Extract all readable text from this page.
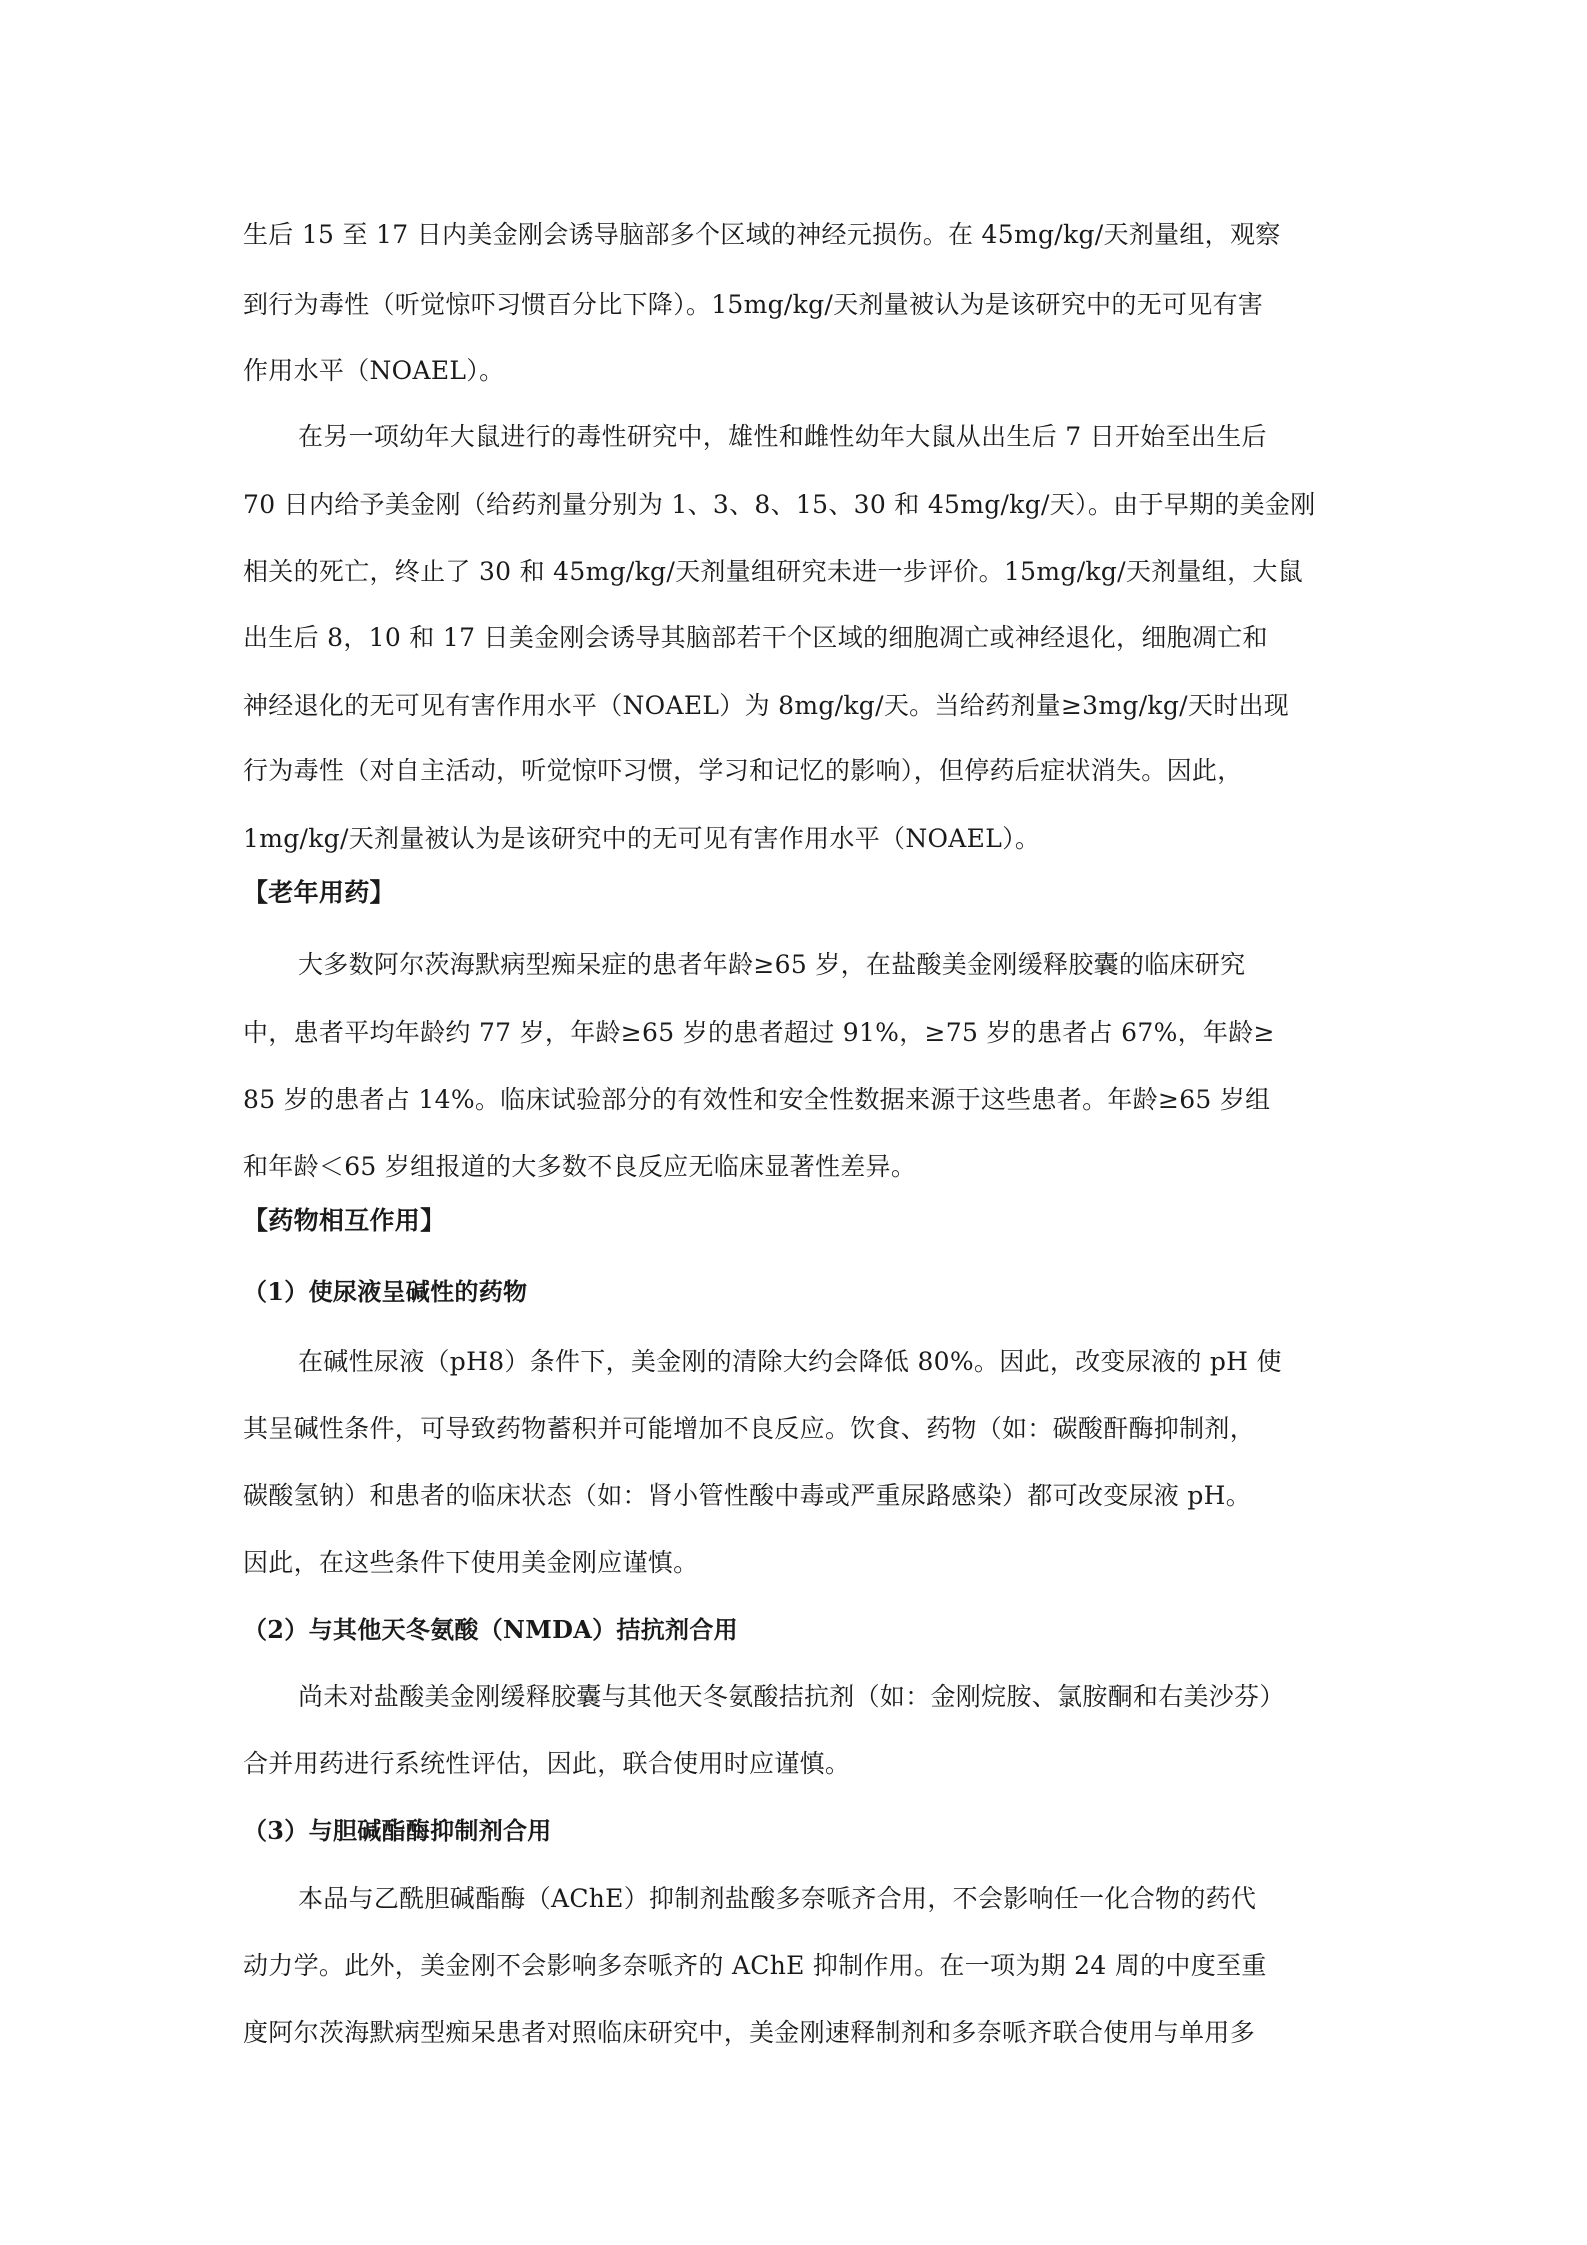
生后 15 至 17 日内美金刚会诱导脑部多个区域的神经元损伤。在 45mg/kg/天剂量组，观察
到行为毒性（听觉惊吓习惯百分比下降）。15mg/kg/天剂量被认为是该研究中的无可见有害
作用水平（NOAEL）。
在另一项幼年大鼠进行的毒性研究中，雄性和雌性幼年大鼠从出生后 7 日开始至出生后
70 日内给予美金刚（给药剂量分别为 1、3、8、15、30 和 45mg/kg/天）。由于早期的美金刚
相关的死亡，终止了 30 和 45mg/kg/天剂量组研究未进一步评价。15mg/kg/天剂量组，大鼠
出生后 8，10 和 17 日美金刚会诱导其脑部若干个区域的细胞凋亡或神经退化，细胞凋亡和
神经退化的无可见有害作用水平（NOAEL）为 8mg/kg/天。当给药剂量≥3mg/kg/天时出现
行为毒性（对自主活动，听觉惊吓习惯，学习和记忆的影响），但停药后症状消失。因此，
1mg/kg/天剂量被认为是该研究中的无可见有害作用水平（NOAEL）。
【老年用药】
大多数阿尔茨海默病型痴呆症的患者年龄≥65 岁，在盐酸美金刚缓释胶囊的临床研究
中，患者平均年龄约 77 岁，年龄≥65 岁的患者超过 91%，≥75 岁的患者占 67%，年龄≥
85 岁的患者占 14%。临床试验部分的有效性和安全性数据来源于这些患者。年龄≥65 岁组
和年龄＜65 岁组报道的大多数不良反应无临床显著性差异。
【药物相互作用】
（1）使尿液呈碱性的药物
在碱性尿液（pH8）条件下，美金刚的清除大约会降低 80%。因此，改变尿液的 pH 使
其呈碱性条件，可导致药物蓄积并可能增加不良反应。饮食、药物（如：碳酸酐酶抑制剂，
碳酸氢钠）和患者的临床状态（如：肾小管性酸中毒或严重尿路感染）都可改变尿液 pH。
因此，在这些条件下使用美金刚应谨慎。
（2）与其他天冬氨酸（NMDA）拮抗剂合用
尚未对盐酸美金刚缓释胶囊与其他天冬氨酸拮抗剂（如：金刚烷胺、氯胺酮和右美沙芬）
合并用药进行系统性评估，因此，联合使用时应谨慎。
（3）与胆碱酯酶抑制剂合用
本品与乙酰胆碱酯酶（AChE）抑制剂盐酸多奈哌齐合用，不会影响任一化合物的药代
动力学。此外，美金刚不会影响多奈哌齐的 AChE 抑制作用。在一项为期 24 周的中度至重
度阿尔茨海默病型痴呆患者对照临床研究中，美金刚速释制剂和多奈哌齐联合使用与单用多
